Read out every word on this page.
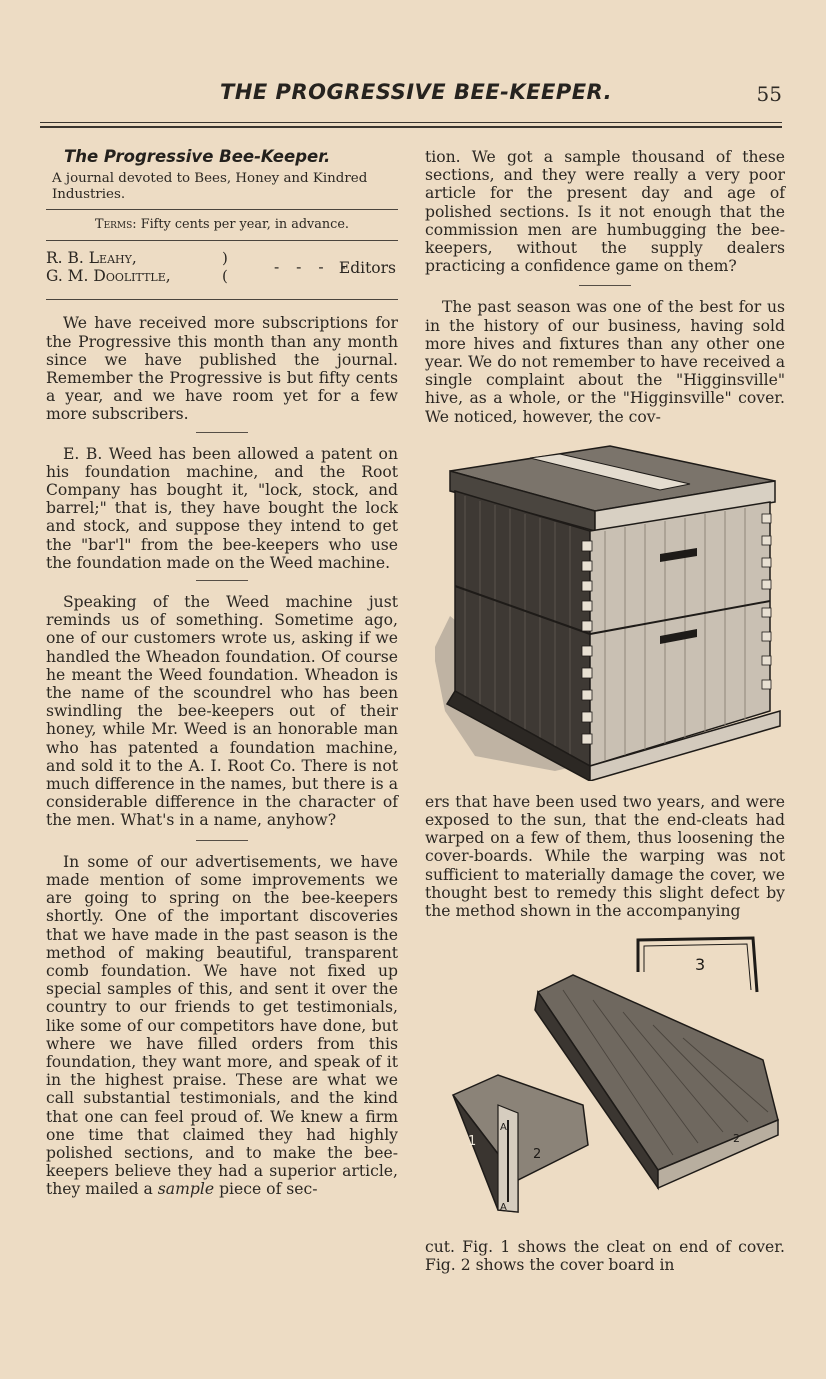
THE PROGRESSIVE BEE-KEEPER.	55
The Progressive Bee-Keeper.
A journal devoted to Bees, Honey and Kindred Industries.
Terms: Fifty cents per year, in advance.
R. B. Leahy,
G. M. Doolittle,
)
(	- - - -
Editors

We have received more subscriptions for the Progressive this month than any month since we have published the journal. Remember the Progressive is but fifty cents a year, and we have room yet for a few more subscribers.

E. B. Weed has been allowed a patent on his foundation machine, and the Root Company has bought it, "lock, stock, and barrel;" that is, they have bought the lock and stock, and suppose they intend to get the "bar'l" from the bee-keepers who use the foundation made on the Weed machine.

Speaking of the Weed machine just reminds us of something. Sometime ago, one of our customers wrote us, asking if we handled the Wheadon foundation. Of course he meant the Weed foundation. Wheadon is the name of the scoundrel who has been swindling the bee-keepers out of their honey, while Mr. Weed is an honorable man who has patented a foundation machine, and sold it to the A. I. Root Co. There is not much difference in the names, but there is a considerable difference in the character of the men. What's in a name, anyhow?

In some of our advertisements, we have made mention of some improvements we are going to spring on the bee-keepers shortly. One of the important discoveries that we have made in the past season is the method of making beautiful, transparent comb foundation. We have not fixed up special samples of this, and sent it over the country to our friends to get testimonials, like some of our competitors have done, but where we have filled orders from this foundation, they want more, and speak of it in the highest praise. These are what we call substantial testimonials, and the kind that one can feel proud of. We knew a firm one time that claimed they had highly polished sections, and to make the bee-keepers believe they had a superior article, they mailed a sample piece of sec-

tion. We got a sample thousand of these sections, and they were really a very poor article for the present day and age of polished sections. Is it not enough that the commission men are humbugging the bee-keepers, without the supply dealers practicing a confidence game on them?

The past season was one of the best for us in the history of our business, having sold more hives and fixtures than any other one year. We do not remember to have received a single complaint about the "Higginsville" hive, as a whole, or the "Higginsville" cover. We noticed, however, the cov-

ers that have been used two years, and were exposed to the sun, that the end-cleats had warped on a few of them, thus loosening the cover-boards. While the warping was not sufficient to materially damage the cover, we thought best to remedy this slight defect by the method shown in the accompanying

3
2
A
A
1
2

cut. Fig. 1 shows the cleat on end of cover. Fig. 2 shows the cover board in
